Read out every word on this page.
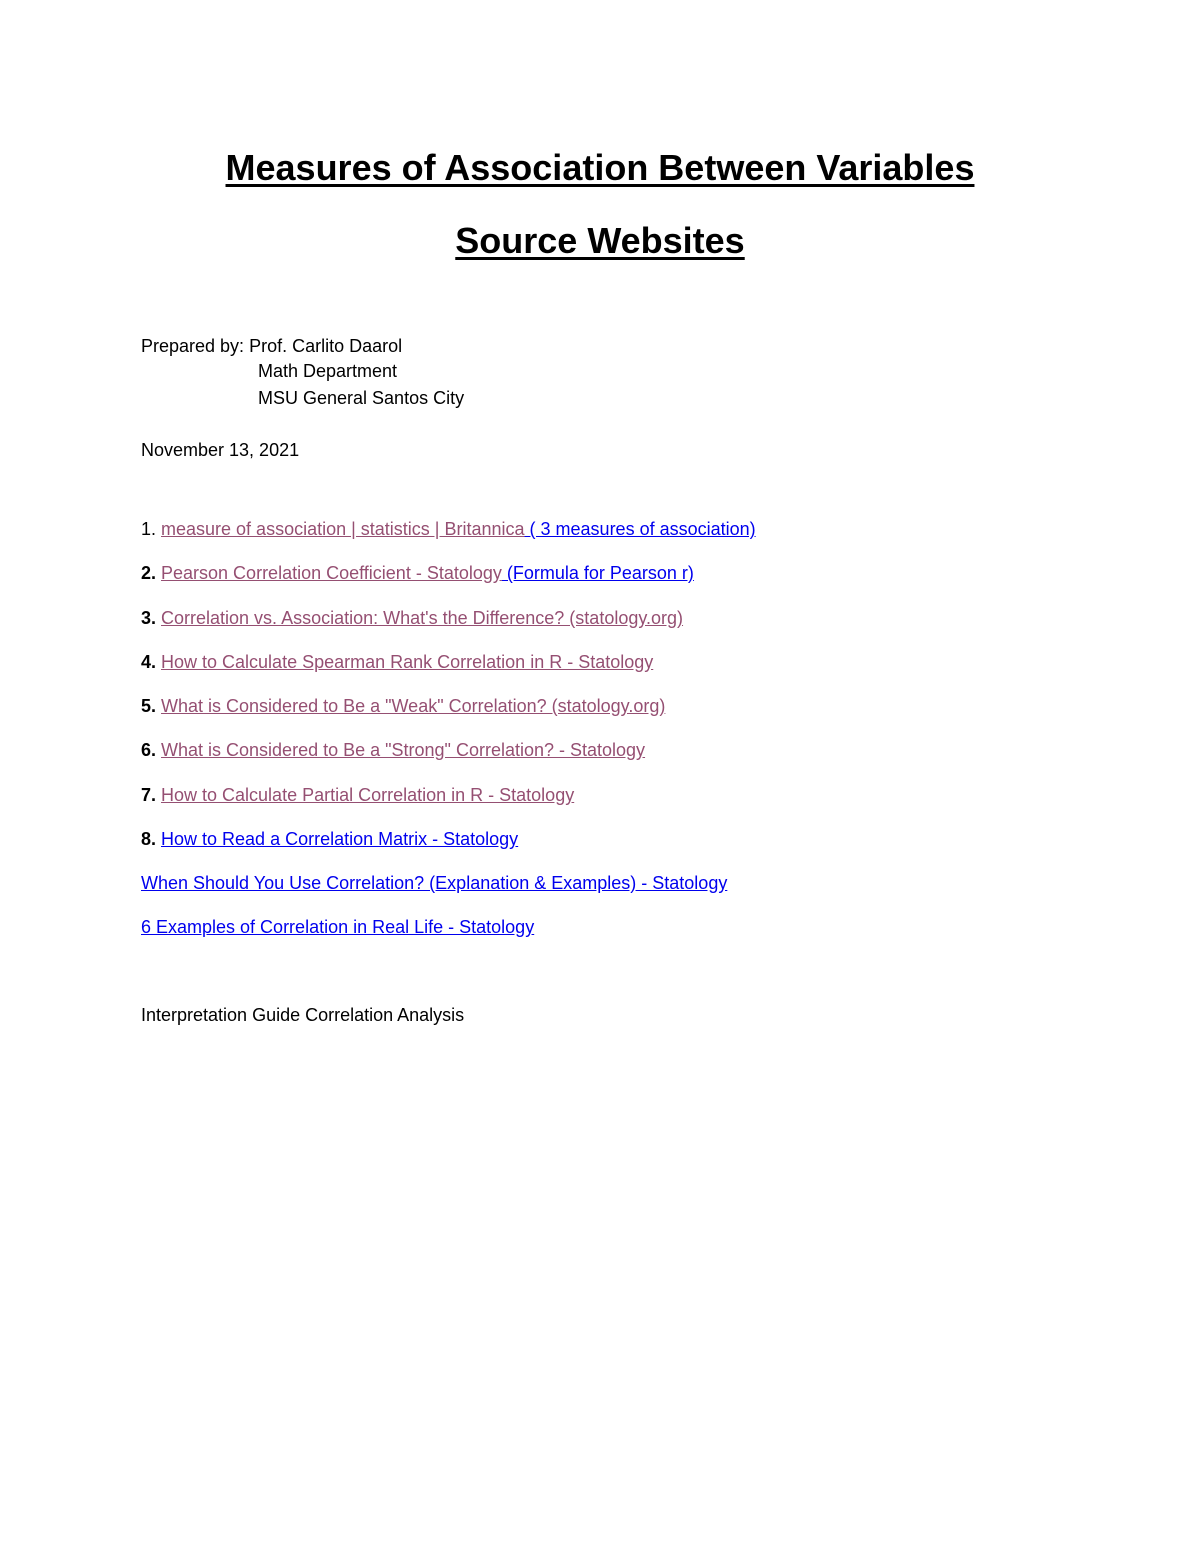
Measures of Association Between Variables
Source Websites

Prepared by: Prof. Carlito Daarol

Math Department

MSU General Santos City

November 13, 2021

1. measure of association | statistics | Britannica ( 3 measures of association)

2. Pearson Correlation Coefficient - Statology (Formula for Pearson r)

3. Correlation vs. Association: What's the Difference? (statology.org)

4. How to Calculate Spearman Rank Correlation in R - Statology

5. What is Considered to Be a "Weak" Correlation? (statology.org)

6. What is Considered to Be a "Strong" Correlation? - Statology

7. How to Calculate Partial Correlation in R - Statology

8. How to Read a Correlation Matrix - Statology

When Should You Use Correlation? (Explanation & Examples) - Statology

6 Examples of Correlation in Real Life - Statology

Interpretation Guide Correlation Analysis
